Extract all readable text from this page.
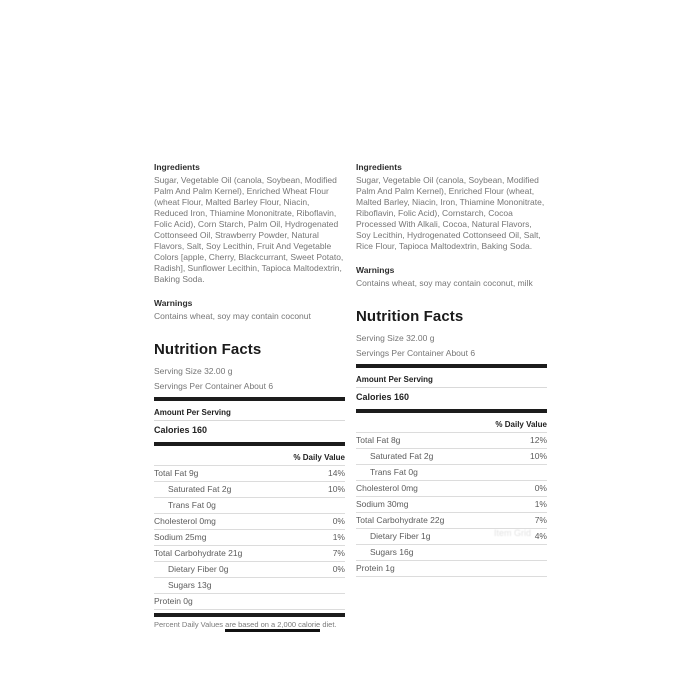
Ingredients
Sugar, Vegetable Oil (canola, Soybean, Modified Palm And Palm Kernel), Enriched Wheat Flour (wheat Flour, Malted Barley Flour, Niacin, Reduced Iron, Thiamine Mononitrate, Riboflavin, Folic Acid), Corn Starch, Palm Oil, Hydrogenated Cottonseed Oil, Strawberry Powder, Natural Flavors, Salt, Soy Lecithin, Fruit And Vegetable Colors [apple, Cherry, Blackcurrant, Sweet Potato, Radish], Sunflower Lecithin, Tapioca Maltodextrin, Baking Soda.
Warnings
Contains wheat, soy may contain coconut
Nutrition Facts
Serving Size 32.00 g
Servings Per Container About 6
Amount Per Serving
Calories 160
% Daily Value
Total Fat 9g	14%
Saturated Fat 2g	10%
Trans Fat 0g
Cholesterol 0mg	0%
Sodium 25mg	1%
Total Carbohydrate 21g	7%
Dietary Fiber 0g	0%
Sugars 13g
Protein 0g
Percent Daily Values are based on a 2,000 calorie diet.
Ingredients
Sugar, Vegetable Oil (canola, Soybean, Modified Palm And Palm Kernel), Enriched Flour (wheat, Malted Barley, Niacin, Iron, Thiamine Mononitrate, Riboflavin, Folic Acid), Cornstarch, Cocoa Processed With Alkali, Cocoa, Natural Flavors, Soy Lecithin, Hydrogenated Cottonseed Oil, Salt, Rice Flour, Tapioca Maltodextrin, Baking Soda.
Warnings
Contains wheat, soy may contain coconut, milk
Nutrition Facts
Serving Size 32.00 g
Servings Per Container About 6
Amount Per Serving
Calories 160
% Daily Value
Total Fat 8g	12%
Saturated Fat 2g	10%
Trans Fat 0g
Cholesterol 0mg	0%
Sodium 30mg	1%
Total Carbohydrate 22g	7%
Dietary Fiber 1g	4%
Sugars 16g
Protein 1g
Item Grid
